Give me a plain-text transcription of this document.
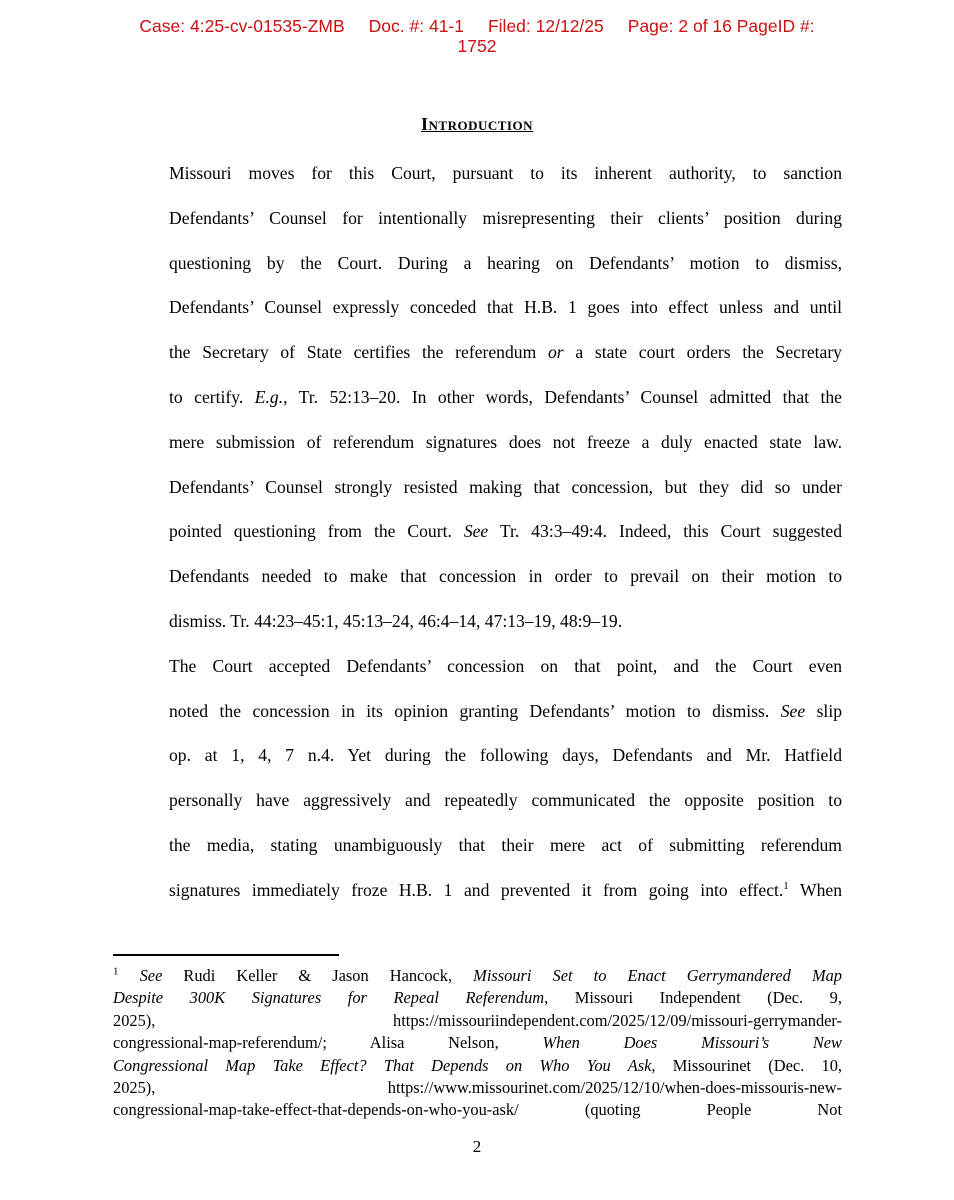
Case: 4:25-cv-01535-ZMB Doc. #: 41-1 Filed: 12/12/25 Page: 2 of 16 PageID #:
1752
Introduction

Missouri moves for this Court, pursuant to its inherent authority, to sanction
Defendants’ Counsel for intentionally misrepresenting their clients’ position during
questioning by the Court. During a hearing on Defendants’ motion to dismiss,
Defendants’ Counsel expressly conceded that H.B. 1 goes into effect unless and until
the Secretary of State certifies the referendum or a state court orders the Secretary
to certify. E.g., Tr. 52:13–20. In other words, Defendants’ Counsel admitted that the
mere submission of referendum signatures does not freeze a duly enacted state law.
Defendants’ Counsel strongly resisted making that concession, but they did so under
pointed questioning from the Court. See Tr. 43:3–49:4. Indeed, this Court suggested
Defendants needed to make that concession in order to prevail on their motion to
dismiss. Tr. 44:23–45:1, 45:13–24, 46:4–14, 47:13–19, 48:9–19.

The Court accepted Defendants’ concession on that point, and the Court even
noted the concession in its opinion granting Defendants’ motion to dismiss. See slip
op. at 1, 4, 7 n.4. Yet during the following days, Defendants and Mr. Hatfield
personally have aggressively and repeatedly communicated the opposite position to
the media, stating unambiguously that their mere act of submitting referendum
signatures immediately froze H.B. 1 and prevented it from going into effect.$^1$ When

$^1$ See Rudi Keller & Jason Hancock, Missouri Set to Enact Gerrymandered Map
Despite 300K Signatures for Repeal Referendum, Missouri Independent (Dec. 9,
2025),	https://missouriindependent.com/2025/12/09/missouri-gerrymander-
congressional-map-referendum/;	Alisa Nelson,	When Does Missouri’s New
Congressional Map Take Effect? That Depends on Who You Ask, Missourinet (Dec. 10,
2025),	https://www.missourinet.com/2025/12/10/when-does-missouris-new-
congressional-map-take-effect-that-depends-on-who-you-ask/	(quoting People Not
2
